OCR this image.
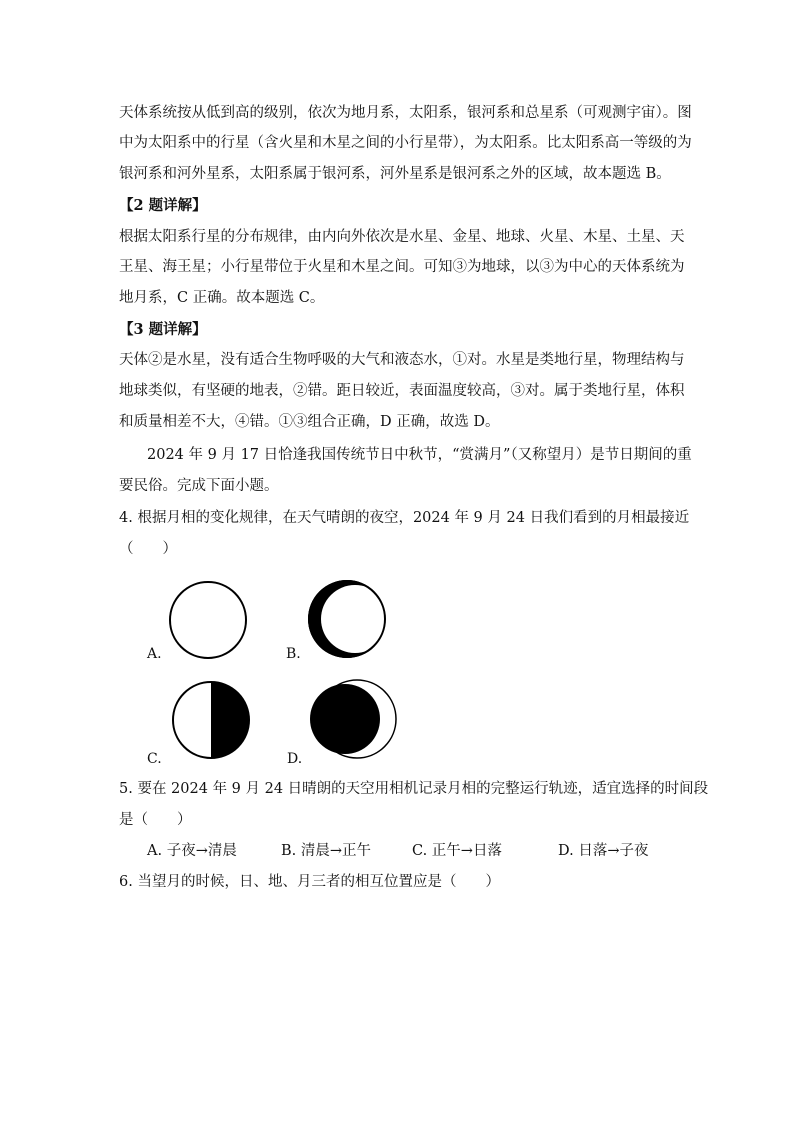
天体系统按从低到高的级别，依次为地月系，太阳系，银河系和总星系（可观测宇宙）。图
中为太阳系中的行星（含火星和木星之间的小行星带），为太阳系。比太阳系高一等级的为
银河系和河外星系，太阳系属于银河系，河外星系是银河系之外的区域，故本题选 B。
【2 题详解】
根据太阳系行星的分布规律，由内向外依次是水星、金星、地球、火星、木星、土星、天
王星、海王星；小行星带位于火星和木星之间。可知③为地球，以③为中心的天体系统为
地月系，C 正确。故本题选 C。
【3 题详解】
天体②是水星，没有适合生物呼吸的大气和液态水，①对。水星是类地行星，物理结构与
地球类似，有坚硬的地表，②错。距日较近，表面温度较高，③对。属于类地行星，体积
和质量相差不大，④错。①③组合正确，D 正确，故选 D。
2024 年 9 月 17 日恰逢我国传统节日中秋节，“赏满月”（又称望月）是节日期间的重
要民俗。完成下面小题。
4. 根据月相的变化规律，在天气晴朗的夜空，2024 年 9 月 24 日我们看到的月相最接近
（　　）
A.	B.
C.	D.
5. 要在 2024 年 9 月 24 日晴朗的天空用相机记录月相的完整运行轨迹，适宜选择的时间段
是（　　）
A. 子夜→清晨	B. 清晨→正午	C. 正午→日落	D. 日落→子夜
6. 当望月的时候，日、地、月三者的相互位置应是（　　）
